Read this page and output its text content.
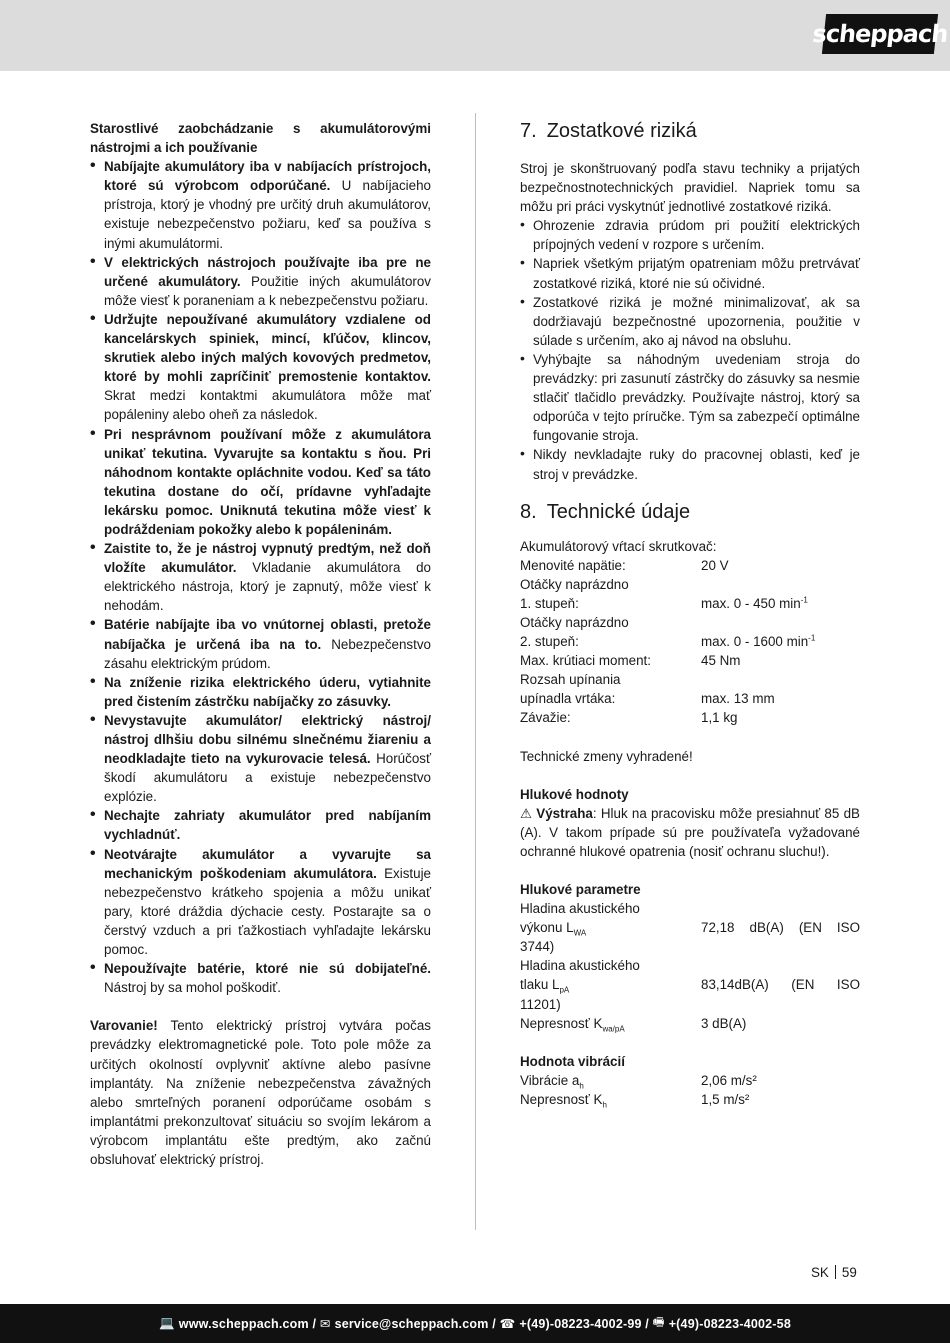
scheppach
Starostlivé zaobchádzanie s akumulátorovými nástrojmi a ich používanie
• Nabíjajte akumulátory iba v nabíjacích prístrojoch, ktoré sú výrobcom odporúčané. U nabíjacieho prístroja, ktorý je vhodný pre určitý druh akumulátorov, existuje nebezpečenstvo požiaru, keď sa používa s inými akumulátormi.
• V elektrických nástrojoch používajte iba pre ne určené akumulátory. Použitie iných akumulátorov môže viesť k poraneniam a k nebezpečenstvu požiaru.
• Udržujte nepoužívané akumulátory vzdialene od kancelárskych spiniek, mincí, kľúčov, klincov, skrutiek alebo iných malých kovových predmetov, ktoré by mohli zapríčiniť premostenie kontaktov. Skrat medzi kontaktmi akumulátora môže mať popáleniny alebo oheň za následok.
• Pri nesprávnom používaní môže z akumulátora unikať tekutina. Vyvarujte sa kontaktu s ňou. Pri náhodnom kontakte opláchnite vodou. Keď sa táto tekutina dostane do očí, prídavne vyhľadajte lekársku pomoc. Uniknutá tekutina môže viesť k podráždeniam pokožky alebo k popáleninám.
• Zaistite to, že je nástroj vypnutý predtým, než doň vložíte akumulátor. Vkladanie akumulátora do elektrického nástroja, ktorý je zapnutý, môže viesť k nehodám.
• Batérie nabíjajte iba vo vnútornej oblasti, pretože nabíjačka je určená iba na to. Nebezpečenstvo zásahu elektrickým prúdom.
• Na zníženie rizika elektrického úderu, vytiahnite pred čistením zástrčku nabíjačky zo zásuvky.
• Nevystavujte akumulátor/ elektrický nástroj/ nástroj dlhšiu dobu silnému slnečnému žiareniu a neodkladajte tieto na vykurovacie telesá. Horúčosť škodí akumulátoru a existuje nebezpečenstvo explózie.
• Nechajte zahriaty akumulátor pred nabíjaním vychladnúť.
• Neotvárajte akumulátor a vyvarujte sa mechanickým poškodeniam akumulátora. Existuje nebezpečenstvo krátkeho spojenia a môžu unikať pary, ktoré dráždia dýchacie cesty. Postarajte sa o čerstvý vzduch a pri ťažkostiach vyhľadajte lekársku pomoc.
• Nepoužívajte batérie, ktoré nie sú dobijateľné. Nástroj by sa mohol poškodiť.

Varovanie! Tento elektrický prístroj vytvára počas prevádzky elektromagnetické pole. Toto pole môže za určitých okolností ovplyvniť aktívne alebo pasívne implantáty. Na zníženie nebezpečenstva závažných alebo smrteľných poranení odporúčame osobám s implantátmi prekonzultovať situáciu so svojím lekárom a výrobcom implantátu ešte predtým, ako začnú obsluhovať elektrický prístroj.

7. Zostatkové riziká

Stroj je skonštruovaný podľa stavu techniky a prijatých bezpečnostnotechnických pravidiel. Napriek tomu sa môžu pri práci vyskytnúť jednotlivé zostatkové riziká.

• Ohrozenie zdravia prúdom pri použití elektrických prípojných vedení v rozpore s určením.
• Napriek všetkým prijatým opatreniam môžu pretrvávať zostatkové riziká, ktoré nie sú očividné.
• Zostatkové riziká je možné minimalizovať, ak sa dodržiavajú bezpečnostné upozornenia, použitie v súlade s určením, ako aj návod na obsluhu.
• Vyhýbajte sa náhodným uvedeniam stroja do prevádzky: pri zasunutí zástrčky do zásuvky sa nesmie stlačiť tlačidlo prevádzky. Používajte nástroj, ktorý sa odporúča v tejto príručke. Tým sa zabezpečí optimálne fungovanie stroja.
• Nikdy nevkladajte ruky do pracovnej oblasti, keď je stroj v prevádzke.
8. Technické údaje
Akumulátorový vŕtací skrutkovač:
Menovité napätie:	20 V
Otáčky naprázdno
1. stupeň:	max. 0 - 450 $\min^{-1}$
Otáčky naprázdno
2. stupeň:	max. 0 - 1600 $\min^{-1}$
Max. krútiaci moment:	45 Nm
Rozsah upínania
upínadla vrtáka:	max. 13 mm
Závažie:	1,1 kg
Technické zmeny vyhradené!
Hlukové hodnoty

⚠ Výstraha: Hluk na pracovisku môže presiahnuť 85 dB (A). V takom prípade sú pre používateľa vyžadované ochranné hlukové opatrenia (nosiť ochranu sluchu!).

Hlukové parametre
Hladina akustického
výkonu $L_{WA}$	72,18 dB(A) (EN ISO
3744)
Hladina akustického
tlaku $L_{pA}$	83,14dB(A) (EN ISO
11201)
Nepresnosť $K_{wa/pA}$	3 dB(A)
Hodnota vibrácií
Vibrácie $a_h$	2,06 m/s²
Nepresnosť $K_h$	1,5 m/s²
SK 59
💻 www.scheppach.com /
✉ service@scheppach.com /
☎ +(49)-08223-4002-99 /
🖷 +(49)-08223-4002-58
